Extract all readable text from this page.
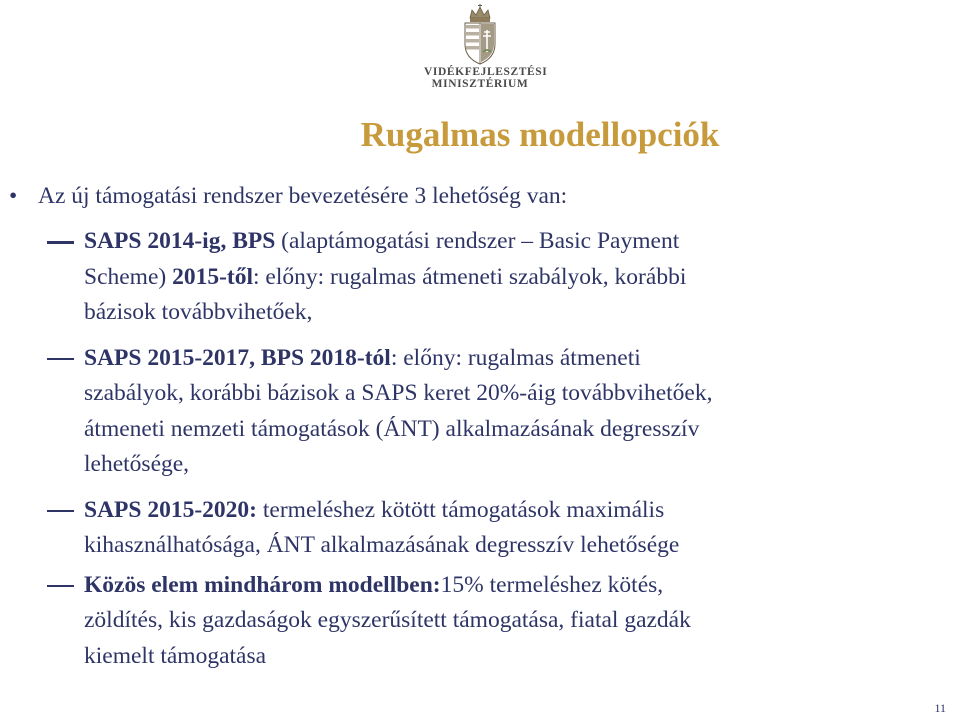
VIDÉKFEJLESZTÉSI
MINISZTÉRIUM
Rugalmas modellopciók
• Az új támogatási rendszer bevezetésére 3 lehetőség van:
SAPS 2014-ig, BPS (alaptámogatási rendszer – Basic Payment
Scheme) 2015-től: előny: rugalmas átmeneti szabályok, korábbi
bázisok továbbvihetőek,
SAPS 2015-2017, BPS 2018-tól: előny: rugalmas átmeneti
szabályok, korábbi bázisok a SAPS keret 20%-áig továbbvihetőek,
átmeneti nemzeti támogatások (ÁNT) alkalmazásának degresszív
lehetősége,
SAPS 2015-2020: termeléshez kötött támogatások maximális
kihasználhatósága, ÁNT alkalmazásának degresszív lehetősége
Közös elem mindhárom modellben:15% termeléshez kötés,
zöldítés, kis gazdaságok egyszerűsített támogatása, fiatal gazdák
kiemelt támogatása
11
